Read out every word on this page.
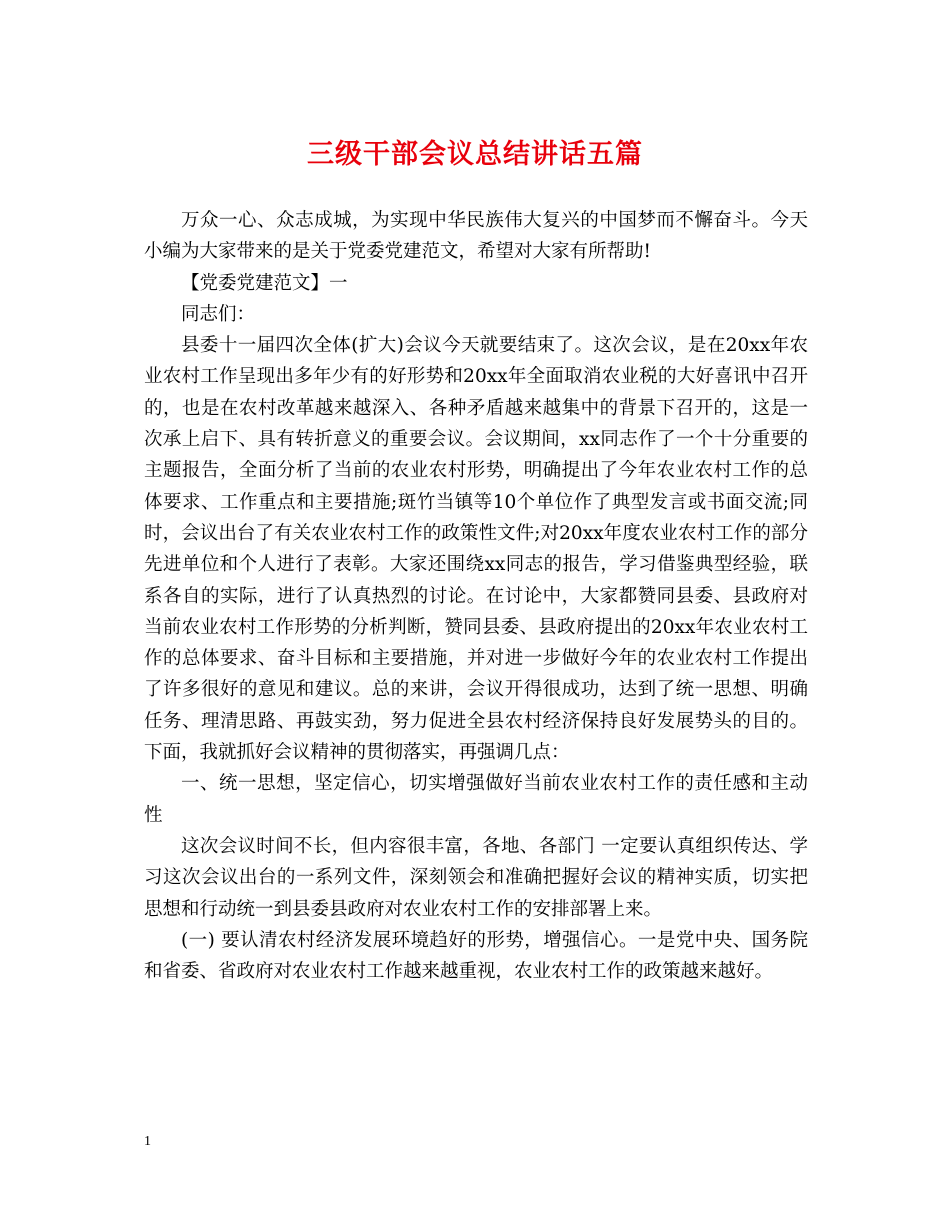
三级干部会议总结讲话五篇

万众一心、众志成城，为实现中华民族伟大复兴的中国梦而不懈奋斗。今天小编为大家带来的是关于党委党建范文，希望对大家有所帮助!

【党委党建范文】一

同志们：

县委十一届四次全体(扩大)会议今天就要结束了。这次会议，是在20xx年农业农村工作呈现出多年少有的好形势和20xx年全面取消农业税的大好喜讯中召开的，也是在农村改革越来越深入、各种矛盾越来越集中的背景下召开的，这是一次承上启下、具有转折意义的重要会议。会议期间，xx同志作了一个十分重要的主题报告，全面分析了当前的农业农村形势，明确提出了今年农业农村工作的总体要求、工作重点和主要措施;斑竹当镇等10个单位作了典型发言或书面交流;同时，会议出台了有关农业农村工作的政策性文件;对20xx年度农业农村工作的部分先进单位和个人进行了表彰。大家还围绕xx同志的报告，学习借鉴典型经验，联系各自的实际，进行了认真热烈的讨论。在讨论中，大家都赞同县委、县政府对当前农业农村工作形势的分析判断，赞同县委、县政府提出的20xx年农业农村工作的总体要求、奋斗目标和主要措施，并对进一步做好今年的农业农村工作提出了许多很好的意见和建议。总的来讲，会议开得很成功，达到了统一思想、明确任务、理清思路、再鼓实劲，努力促进全县农村经济保持良好发展势头的目的。下面，我就抓好会议精神的贯彻落实，再强调几点：

一、统一思想，坚定信心，切实增强做好当前农业农村工作的责任感和主动性

这次会议时间不长，但内容很丰富，各地、各部门 一定要认真组织传达、学习这次会议出台的一系列文件，深刻领会和准确把握好会议的精神实质，切实把思想和行动统一到县委县政府对农业农村工作的安排部署上来。

(一) 要认清农村经济发展环境趋好的形势，增强信心。一是党中央、国务院和省委、省政府对农业农村工作越来越重视，农业农村工作的政策越来越好。

1
